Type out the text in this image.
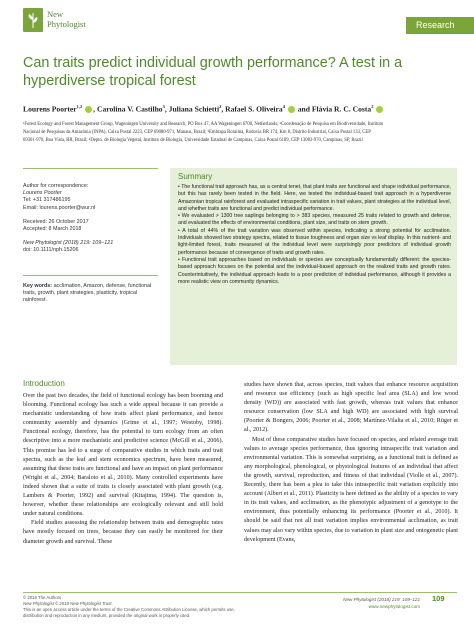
New
Phytologist	Research
Can traits predict individual growth performance? A test in a hyperdiverse tropical forest
Lourens Poorter$^{1,2}$ , Carolina V. Castilho$^3$, Juliana Schietti$^2$, Rafael S. Oliveira$^4$ and Flávia R. C. Costa$^2$
¹Forest Ecology and Forest Management Group, Wageningen University and Research, PO Box 47, AA Wageningen 6700, Netherlands; ²Coordenação de Pesquisa em Biodiversidade, Instituto
Nacional de Pesquisas da Amazônia (INPA), Caixa Postal 2223, CEP 69080-971, Manaus, Brazil; ³Embrapa Roraima, Rodovia BR 174, Km 8, Distrito Industrial, Caixa Postal 133, CEP
69301-970, Boa Vista, RR, Brazil; ⁴Depto. de Biologia Vegetal, Instituto de Biologia, Universidade Estadual de Campinas, Caixa Postal 6109, CEP 13083-970, Campinas, SP, Brazil

Author for correspondence:

Lourens Poorter

Tel: +31 317486195

Email: lourens.poorter@wur.nl

Received: 26 October 2017

Accepted: 8 March 2018

New Phytologist (2018) 219: 109–121

doi: 10.1111/nph.15206

Key words: acclimation, Amazon, defense, functional traits, growth, plant strategies, plasticity, tropical rainforest.
Summary

• The functional trait approach has, as a central tenet, that plant traits are functional and shape individual performance, but this has rarely been tested in the field. Here, we tested the individual-based trait approach in a hyperdiverse Amazonian tropical rainforest and evaluated intraspecific variation in trait values, plant strategies at the individual level, and whether traits are functional and predict individual performance.

• We evaluated > 1300 tree saplings belonging to > 383 species, measured 25 traits related to growth and defense, and evaluated the effects of environmental conditions, plant size, and traits on stem growth.

• A total of 44% of the trait variation was observed within species, indicating a strong potential for acclimation. Individuals showed two strategy spectra, related to tissue toughness and organ size vs leaf display. In this nutrient- and light-limited forest, traits measured at the individual level were surprisingly poor predictors of individual growth performance because of convergence of traits and growth rates.

• Functional trait approaches based on individuals or species are conceptually fundamentally different: the species-based approach focuses on the potential and the individual-based approach on the realized traits and growth rates. Counterintuitively, the individual approach leads to a poor prediction of individual performance, although it provides a more realistic view on community dynamics.

Introduction

Over the past two decades, the field of functional ecology has been booming and blooming. Functional ecology has such a wide appeal because it can provide a mechanistic understanding of how traits affect plant performance, and hence community assembly and dynamics (Grime et al., 1997; Westoby, 1998). Functional ecology, therefore, has the potential to turn ecology from an often descriptive into a more mechanistic and predictive science (McGill et al., 2006). This promise has led to a surge of comparative studies in which traits and trait spectra, such as the leaf and stem economics spectrum, have been measured, assuming that these traits are functional and have an impact on plant performance (Wright et al., 2004; Baraloto et al., 2010). Many controlled experiments have indeed shown that a suite of traits is closely associated with plant growth (e.g. Lambers & Poorter, 1992) and survival (Kitajima, 1994). The question is, however, whether these relationships are ecologically relevant and still hold under natural conditions.

Field studies assessing the relationship between traits and demographic rates have mostly focused on trees, because they can easily be monitored for their diameter growth and survival. These

studies have shown that, across species, trait values that enhance resource acquisition and resource use efficiency (such as high specific leaf area (SLA) and low wood density (WD)) are associated with fast growth, whereas trait values that enhance resource conservation (low SLA and high WD) are associated with high survival (Poorter & Bongers, 2006; Poorter et al., 2008; Martínez-Vilalta et al., 2010; Rüger et al., 2012).

Most of these comparative studies have focused on species, and related average trait values to average species performance, thus ignoring intraspecific trait variation and environmental variation. This is somewhat surprising, as a functional trait is defined as any morphological, phenological, or physiological features of an individual that affect the growth, survival, reproduction, and fitness of that individual (Violle et al., 2007). Recently, there has been a plea to take this intraspecific trait variation explicitly into account (Albert et al., 2011). Plasticity is here defined as the ability of a species to vary in its trait values, and acclimation, as the phenotypic adjustment of a genotype to the environment, thus potentially enhancing its performance (Poorter et al., 2010). It should be said that not all trait variation implies environmental acclimation, as trait values may also vary within species, due to variation in plant size and ontogenetic plant development (Evans,

© 2018 The Authors
New Phytologist © 2018 New Phytologist Trust
This is an open access article under the terms of the Creative Commons Attribution License, which permits use,
distribution and reproduction in any medium, provided the original work is properly cited.
New Phytologist (2018) 219: 109–121
www.newphytologist.com
109
